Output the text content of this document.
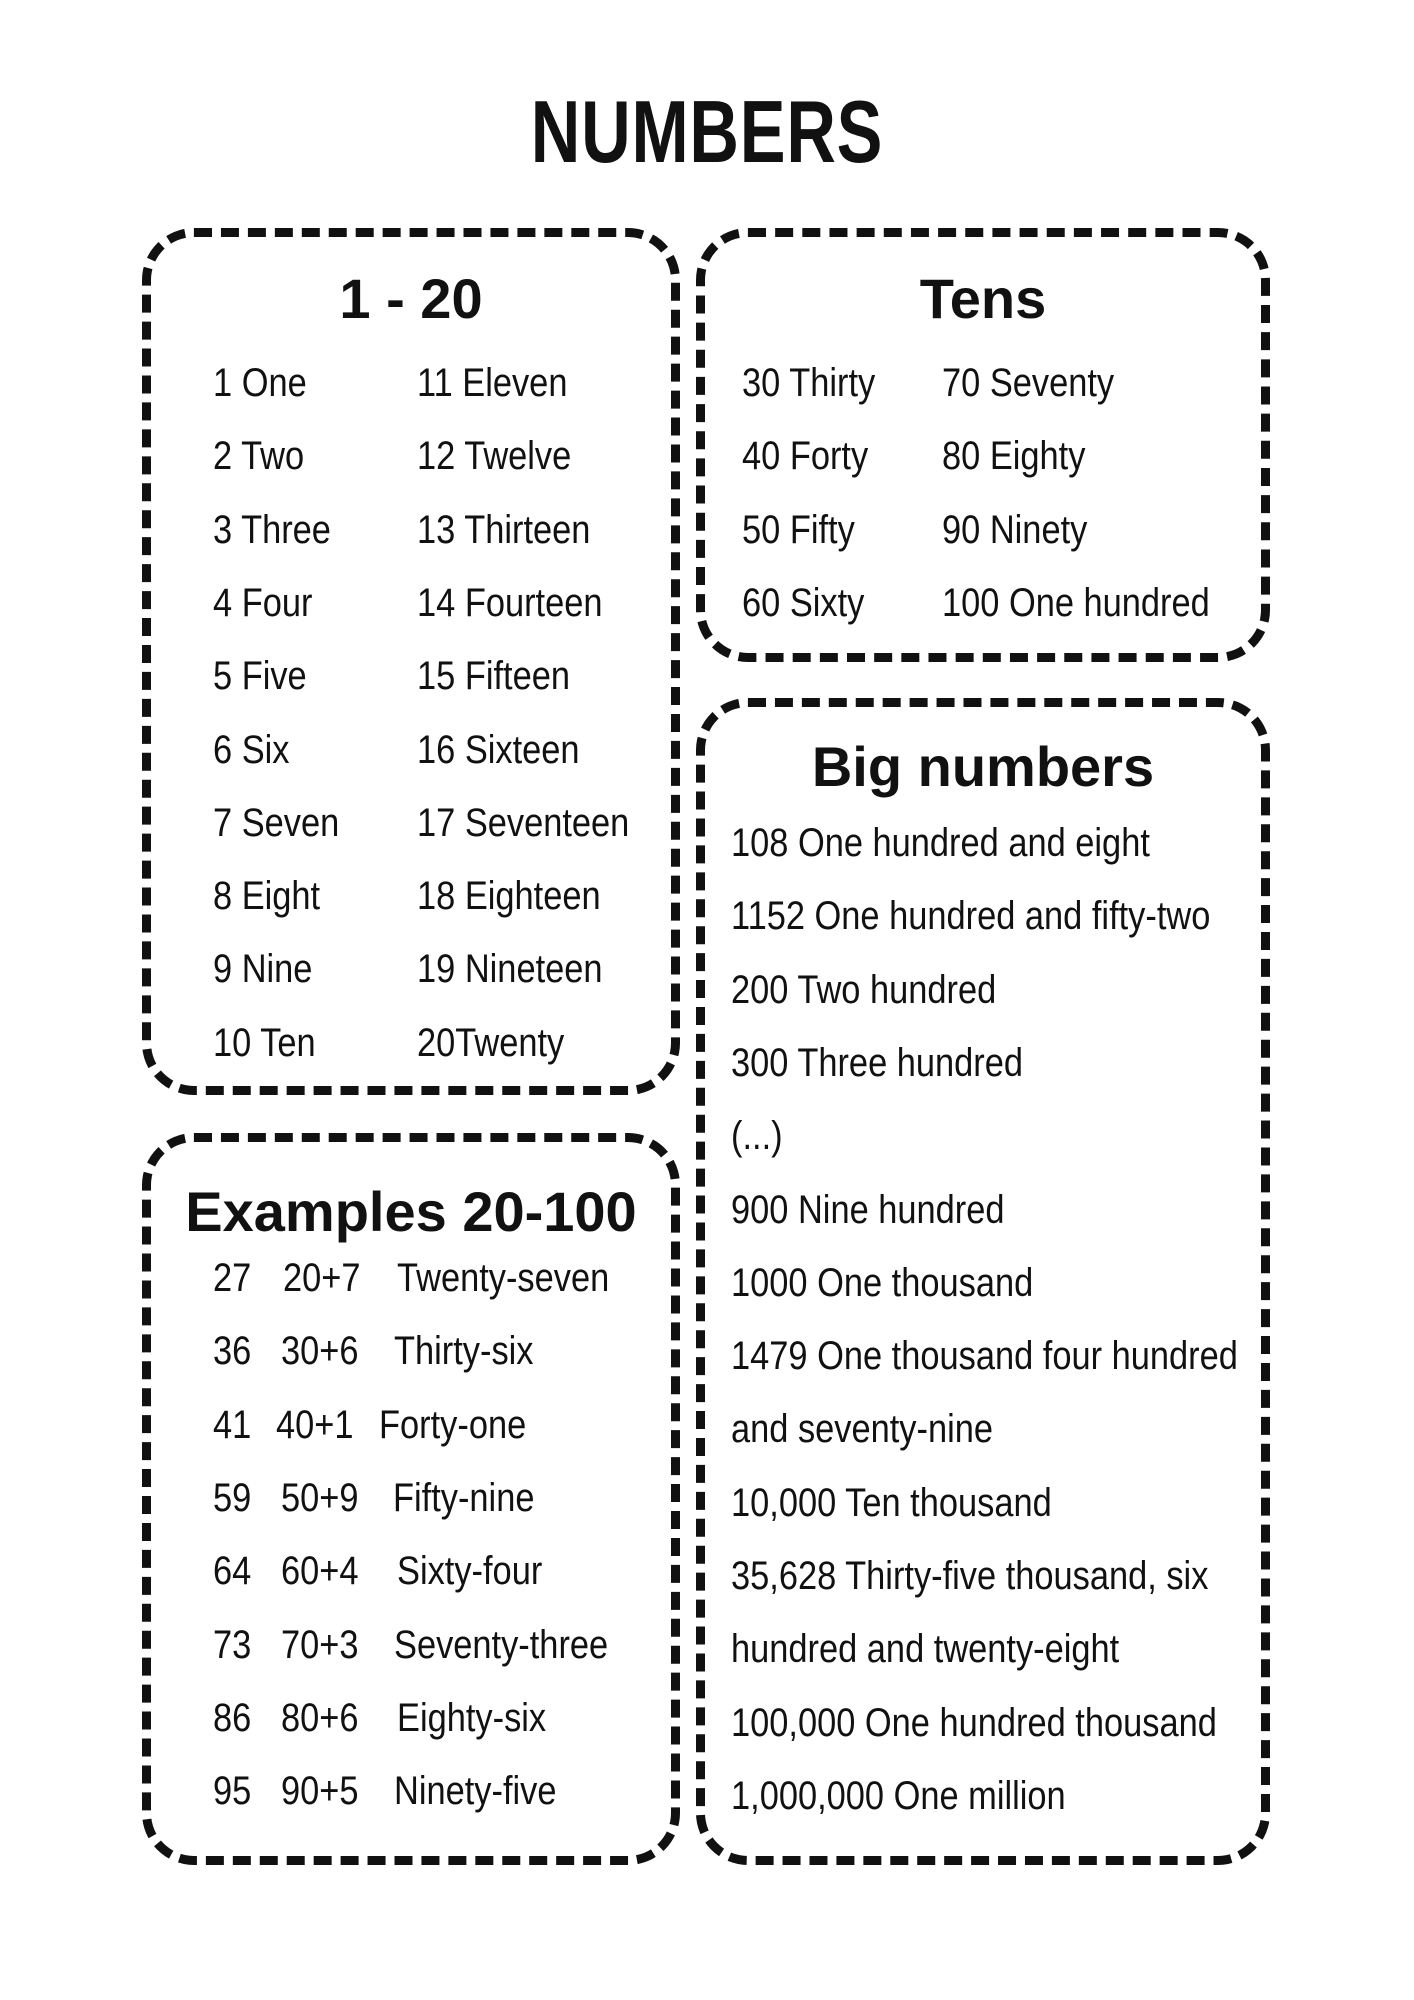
NUMBERS
1 - 20
1 One
2 Two
3 Three
4 Four
5 Five
6 Six
7 Seven
8 Eight
9 Nine
10 Ten
11 Eleven
12 Twelve
13 Thirteen
14 Fourteen
15 Fifteen
16 Sixteen
17 Seventeen
18 Eighteen
19 Nineteen
20Twenty
Tens
30 Thirty
40 Forty
50 Fifty
60 Sixty
70 Seventy
80 Eighty
90 Ninety
100 One hundred
Examples 20-100
27 20+7 Twenty-seven
36 30+6 Thirty-six
41 40+1 Forty-one
59 50+9 Fifty-nine
64 60+4 Sixty-four
73 70+3 Seventy-three
86 80+6 Eighty-six
95 90+5 Ninety-five
Big numbers
108 One hundred and eight
1152 One hundred and fifty-two
200 Two hundred
300 Three hundred
(...)
900 Nine hundred
1000 One thousand
1479 One thousand four hundred
and seventy-nine
10,000 Ten thousand
35,628 Thirty-five thousand, six
hundred and twenty-eight
100,000 One hundred thousand
1,000,000 One million
